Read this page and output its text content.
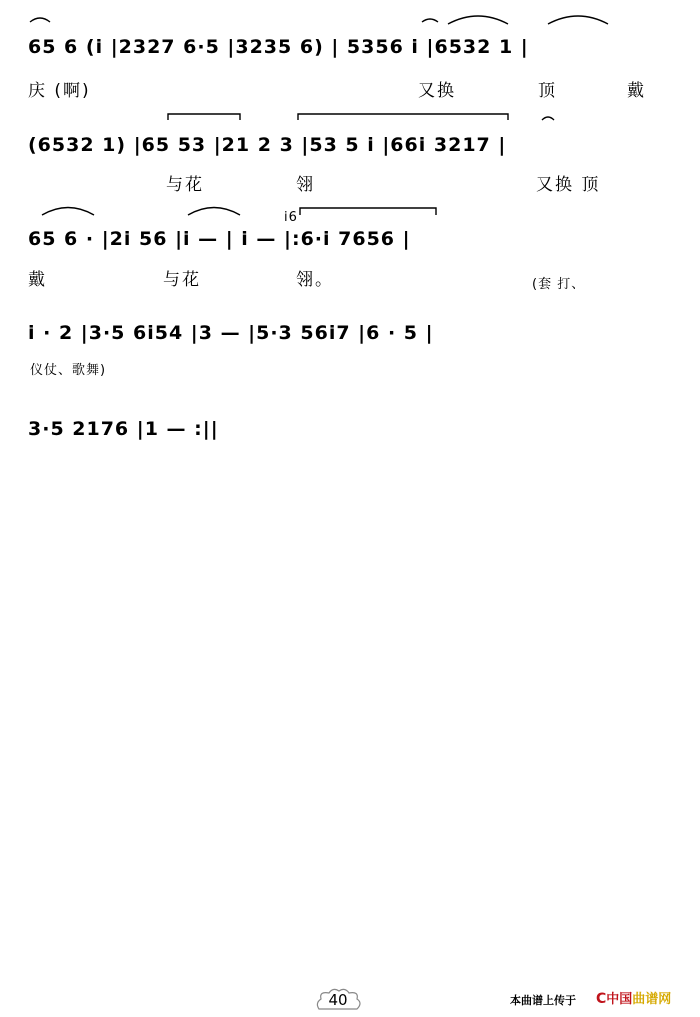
65 6 (i |2327 6·5 |3235 6) | 5356 i |6532 1 |
庆 (啊)	又换	顶	戴
(6532 1) |65 53 |21 2 3 |53 5 i |66i 3217 |
与花	翎	又换 顶
65 6 · |2i 56 |i — | i — |:6·i 7656 |
i6
戴	与花	翎。	(套 打、
i · 2 |3·5 6i54 |3 — |5·3 56i7 |6 · 5 |
仪仗、歌舞)
3·5 2176 |1 — :||
40	本曲谱上传于 C中国曲谱网
